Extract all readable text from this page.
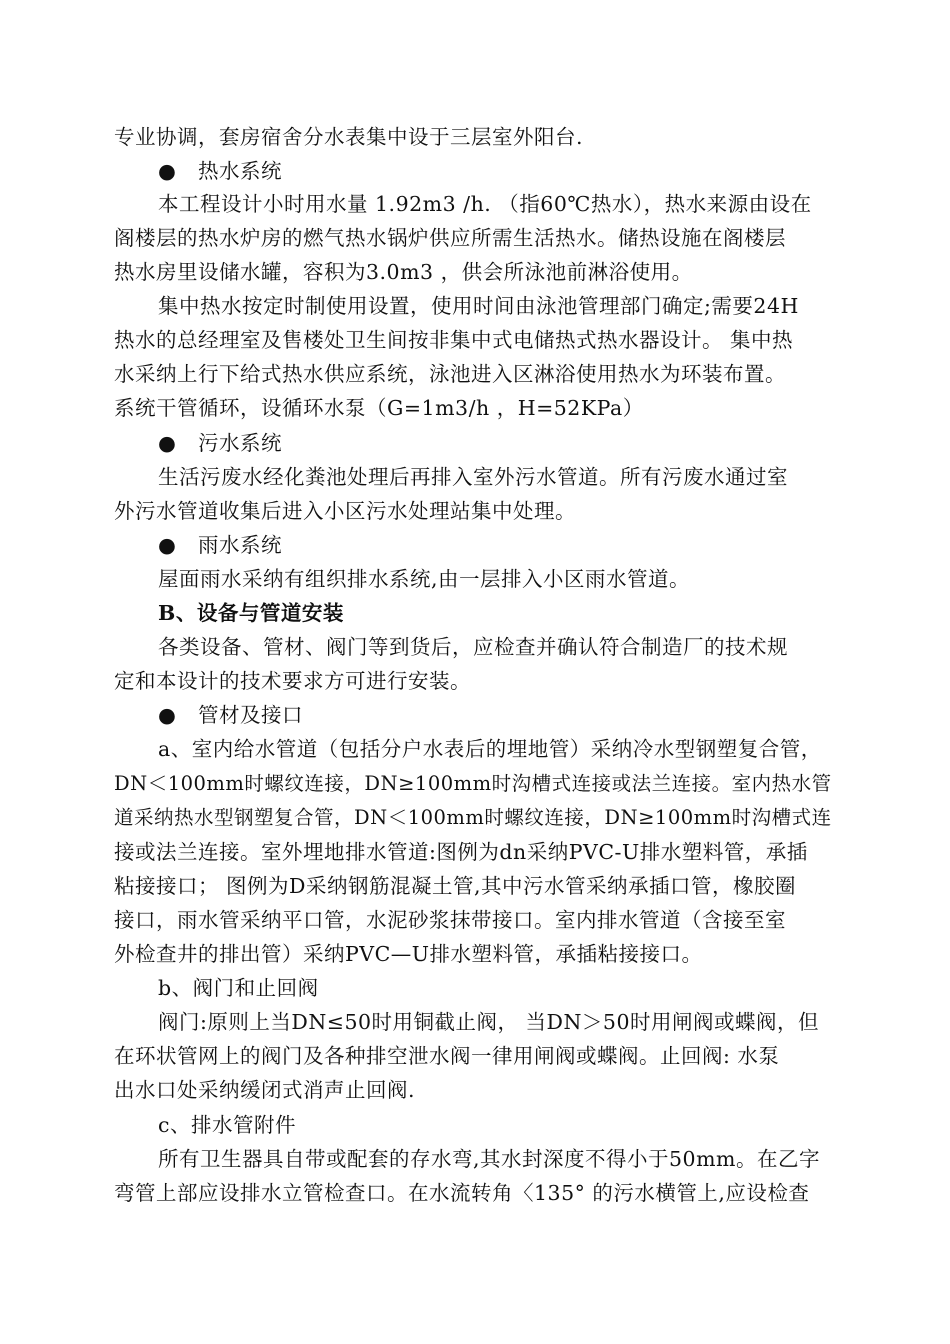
专业协调，套房宿舍分水表集中设于三层室外阳台.
● 热水系统
本工程设计小时用水量 1.92m3 /h. （指60℃热水），热水来源由设在
阁楼层的热水炉房的燃气热水锅炉供应所需生活热水。储热设施在阁楼层
热水房里设储水罐，容积为3.0m3 ，供会所泳池前淋浴使用。
集中热水按定时制使用设置，使用时间由泳池管理部门确定;需要24H
热水的总经理室及售楼处卫生间按非集中式电储热式热水器设计。 集中热
水采纳上行下给式热水供应系统，泳池进入区淋浴使用热水为环装布置。
系统干管循环，设循环水泵（G=1m3/h ，H=52KPa）
● 污水系统
生活污废水经化粪池处理后再排入室外污水管道。所有污废水通过室
外污水管道收集后进入小区污水处理站集中处理。
● 雨水系统
屋面雨水采纳有组织排水系统,由一层排入小区雨水管道。
B、设备与管道安装
各类设备、管材、阀门等到货后，应检查并确认符合制造厂的技术规
定和本设计的技术要求方可进行安装。
● 管材及接口
a、室内给水管道（包括分户水表后的埋地管）采纳冷水型钢塑复合管，
DN＜100mm时螺纹连接，DN≥100mm时沟槽式连接或法兰连接。室内热水管
道采纳热水型钢塑复合管，DN＜100mm时螺纹连接，DN≥100mm时沟槽式连
接或法兰连接。室外埋地排水管道:图例为dn采纳PVC-U排水塑料管，承插
粘接接口； 图例为D采纳钢筋混凝土管,其中污水管采纳承插口管，橡胶圈
接口，雨水管采纳平口管，水泥砂浆抹带接口。室内排水管道（含接至室
外检查井的排出管）采纳PVC—U排水塑料管，承插粘接接口。
b、阀门和止回阀
阀门:原则上当DN≤50时用铜截止阀， 当DN＞50时用闸阀或蝶阀，但
在环状管网上的阀门及各种排空泄水阀一律用闸阀或蝶阀。止回阀: 水泵
出水口处采纳缓闭式消声止回阀.
c、排水管附件
所有卫生器具自带或配套的存水弯,其水封深度不得小于50mm。在乙字
弯管上部应设排水立管检查口。在水流转角〈135° 的污水横管上,应设检查
